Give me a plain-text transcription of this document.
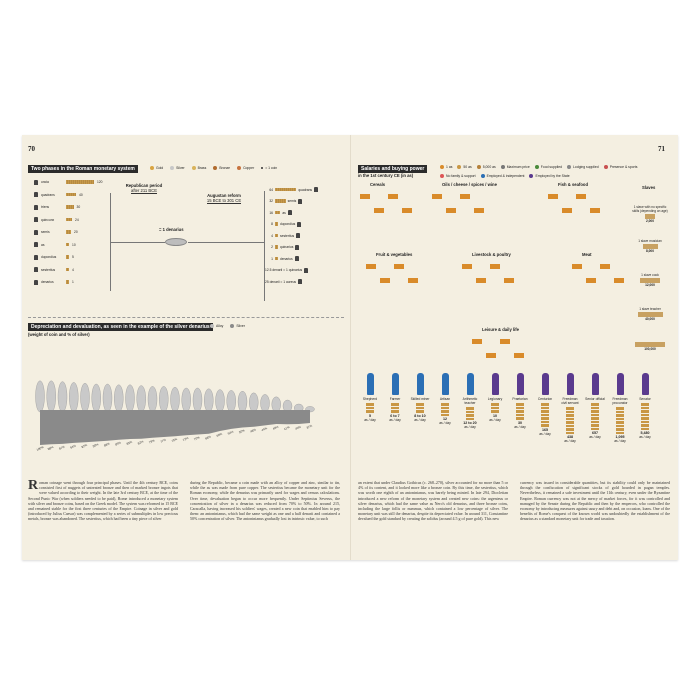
70
Two phases in the Roman monetary system	Gold	Silver	Brass	Bronze	Copper	= 1 coin
uncia	120
quadrans	40
triens	30
quincunx	24
semis	20
as	10
dupondius	5
sestertius	4
denarius	1
Republican period
after 211 BCE
Augustan reform
15 BCE to 301 CE
= 1 denarius
64	quadrans
32	semis
16	as
8 dupondius
4 sestertius
2 quinarius
1 denarius
12.5 denarii = 1 quinarius
25 denarii = 1 aureus
Depreciation and devaluation, as seen in the example of the silver denarius
(weight of coin and % of silver)
Alloy	Silver
100% 98% 97% 94% 92% 90% 88% 85% 83% 82% 79% 77% 75% 72% 70% 68% 60% 54% 50% 48% 44% 40% 41% 40% 37%
Roman coinage went through four principal phases. Until the 4th century BCE, coins consisted first of nuggets of untreated bronze and then of marked bronze ingots that were valued according to their weight. In the late 3rd century BCE, at the time of the Second Punic War (when soldiers needed to be paid), Rome introduced a monetary system with silver and bronze coins, based on the Greek model. The system was reformed in 15 BCE and remained stable for the first three centuries of the Empire. Coinage in silver and gold (introduced by Julius Caesar) was complemented by a series of submultiples in low precious metals, bronze was abandoned. The sestertius, which had been a tiny piece of silver
during the Republic, became a coin made with an alloy of copper and zinc, similar to tin, while the as was made from pure copper. The sestertius became the monetary unit for the Roman economy, while the denarius was primarily used for wages and census calculations. Over time, devaluation began to occur more frequently. Under Septimius Severus, the concentration of silver in a denarius was reduced from 70% to 50%. In around 215, Caracalla, having increased his soldiers' wages, created a new coin that enabled him to pay them: an antoninianus, which had the same weight as one and a half denarii and contained a 50% concentration of silver. The antoninianus gradually lost in intrinsic value, to such
71
Salaries and buying power
in the 1st century CE (in as)
1 as	50 as	5,000 as	Maximum price	Food supplied	Lodging supplied	Presence & sports
No family & support	Employed & independent	Employed by the State
Cereals	Oils / cheese / spices / wine	Fish & seafood
Fruit & vegetables	Livestock & poultry	Meat
Leisure & daily life
Slaves
1 slave with no specific skills (depending on age)
2,000
1 slave musician
8,000
1 slave cook
12,000
1 slave teacher
40,000
100,000
Shepherd
5
as / day
Farmer
6 to 7
as / day
Skilled miner
8 to 10
as / day
Artisan
12
as / day
Arithmetic teacher
12 to 20
as / day
Legionary
10
as / day
Praetorian
30
as / day
Centurion
165
as / day
Freedman civil servant
438
as / day
Senior official
657
as / day
Freedman procurator
1,095
as / day
Senator
5,480
as / day
an extent that under Claudius Gothicus (c. 268–270), silver accounted for no more than 5 or 4% of its content, and it looked more like a bronze coin. By this time, the sestertius, which was worth one eighth of an antoninianus, was barely being minted. In late 294, Diocletian introduced a new reform of the monetary system and created new coins: the argenteus or silver denarius, which had the same value as Nero's old denarius, and three bronze coins, including the large follis or nummus, which contained a low percentage of silver. The monetary unit was still the denarius, despite its depreciated value. In around 311, Constantine devalued the gold standard by creating the solidus (around 4.5 g of pure gold). This new
currency was issued in considerable quantities, but its stability could only be maintained through the confiscation of significant stocks of gold hoarded in pagan temples. Nevertheless, it remained a safe investment until the 11th century, even under the Byzantine Empire. Roman currency was not at the mercy of market forces, for it was controlled and managed by the Senate during the Republic and then by the emperors, who controlled the economy by introducing measures against usury and debt and, on occasion, loans. One of the benefits of Rome's conquest of the known world was undoubtedly the establishment of the denarius as a standard monetary unit for trade and taxation.
